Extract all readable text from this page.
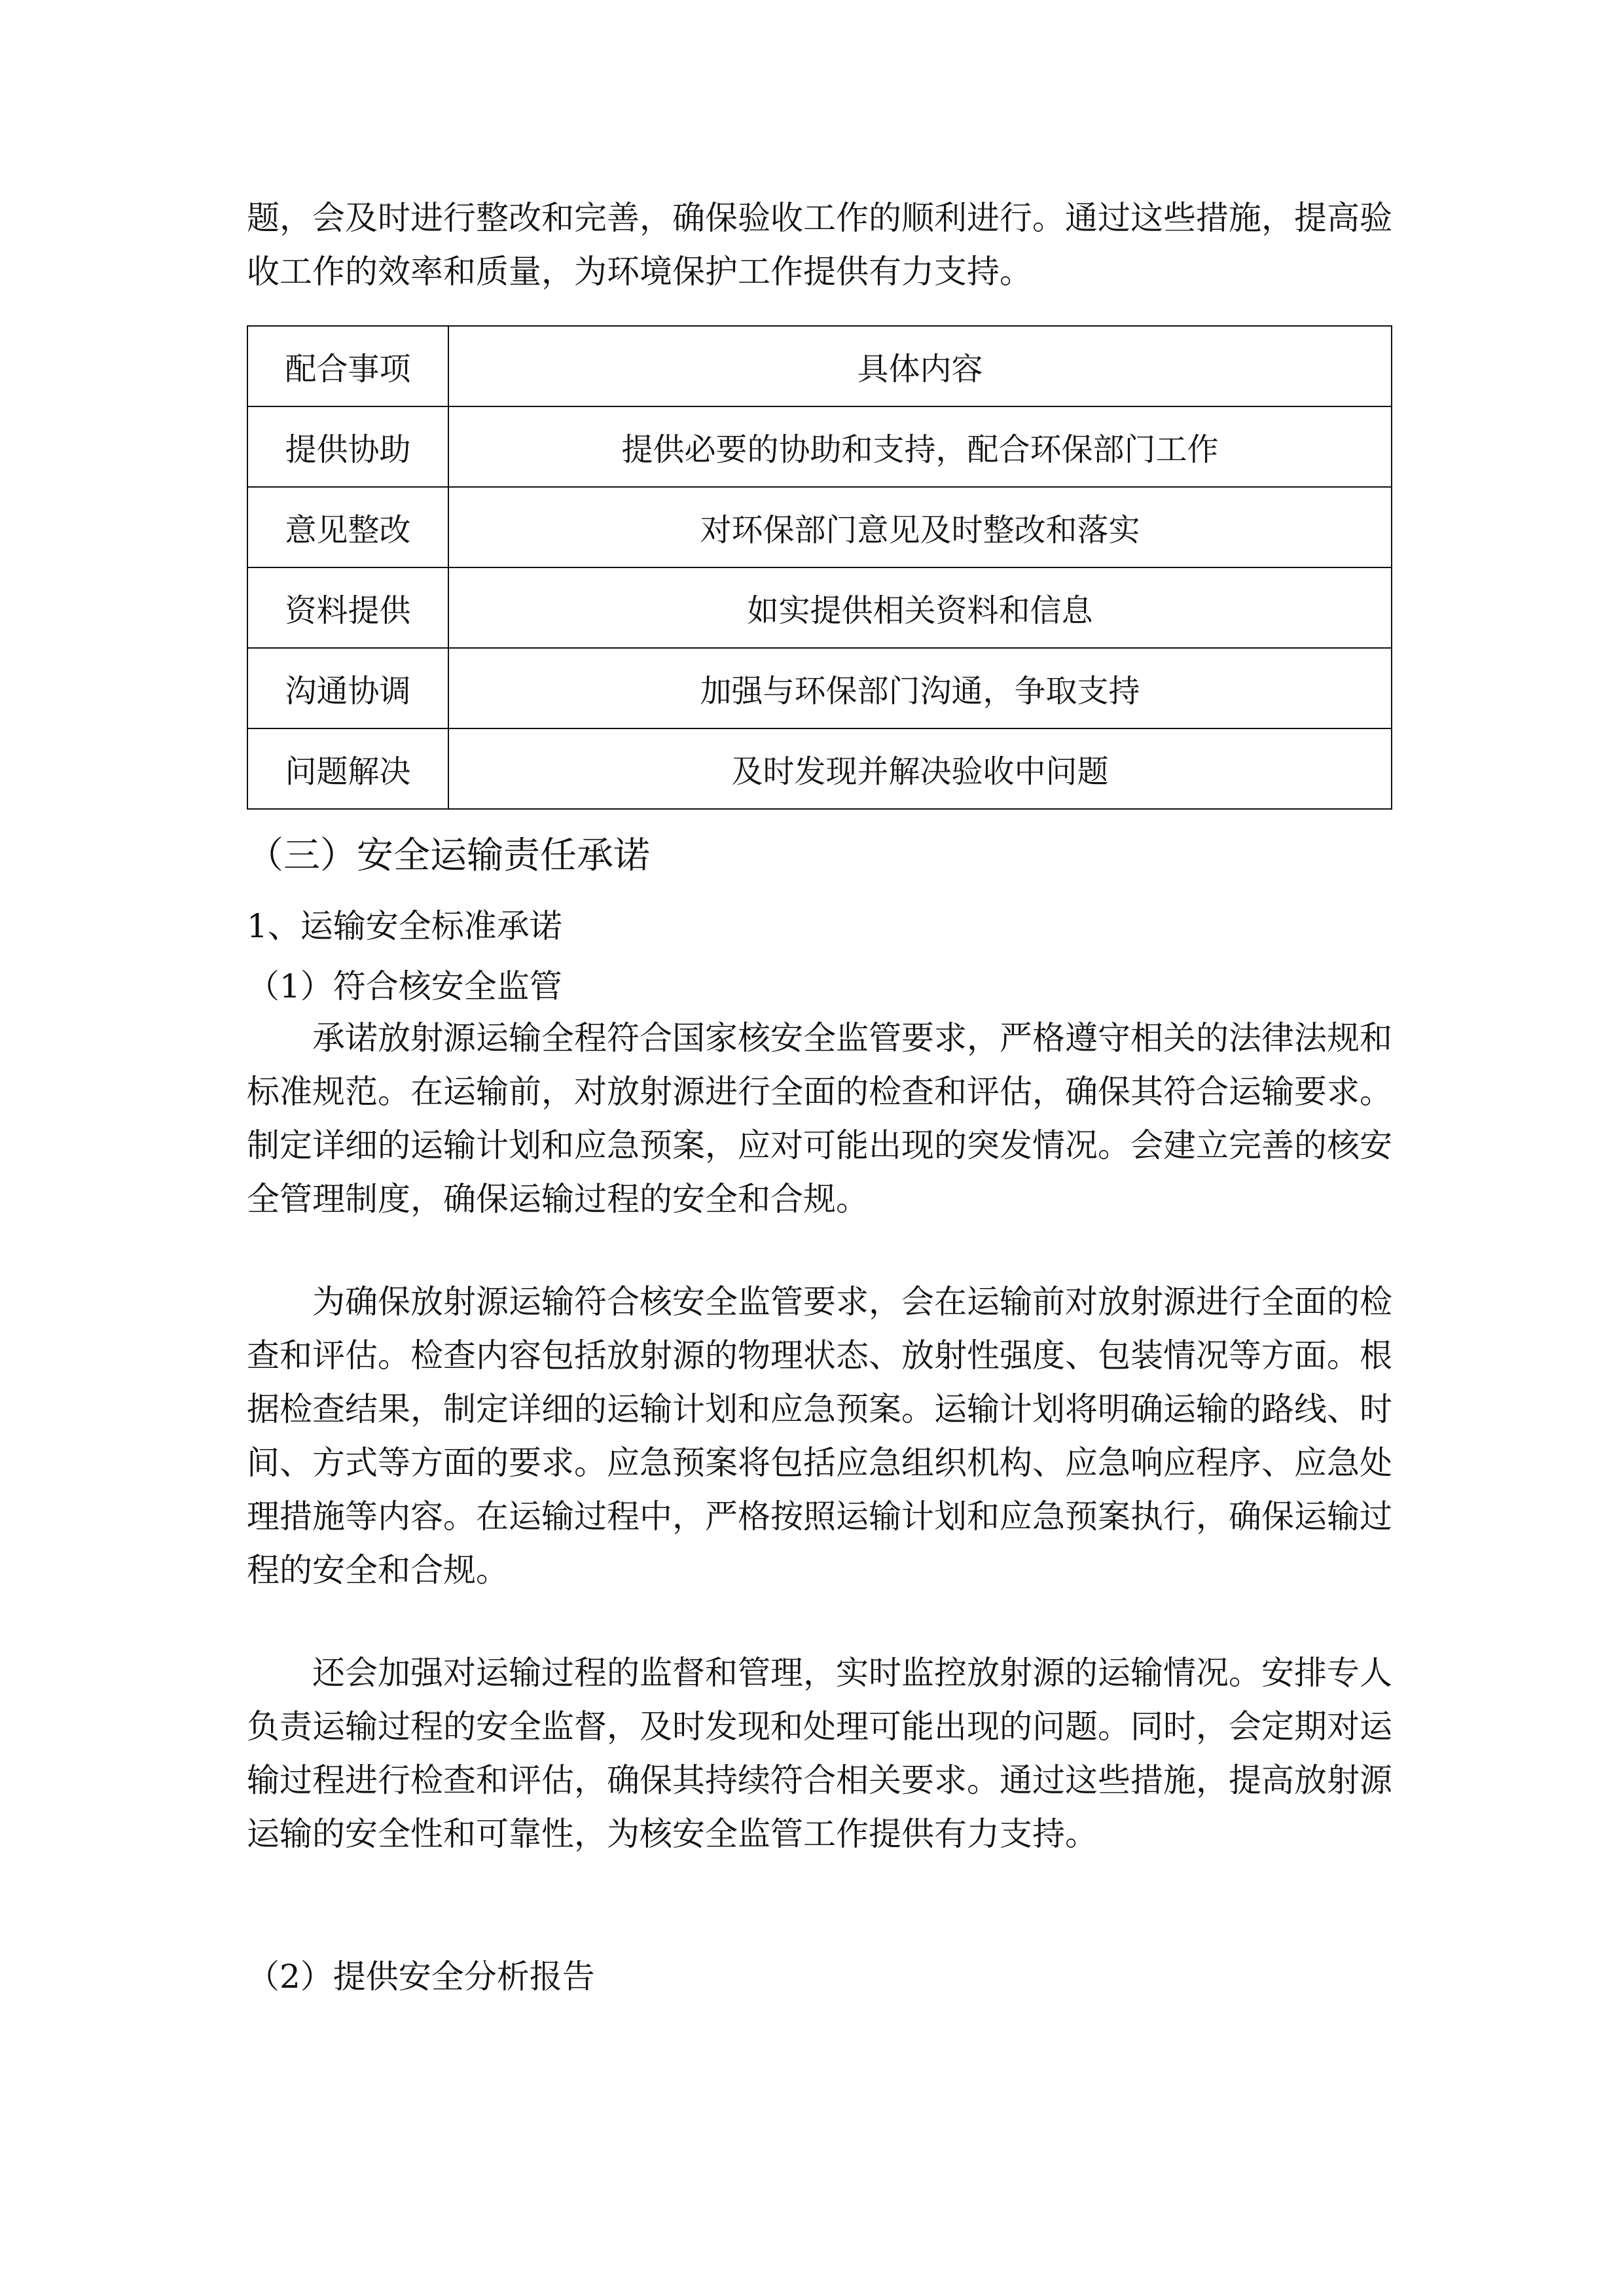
题，会及时进行整改和完善，确保验收工作的顺利进行。通过这些措施，提高验收工作的效率和质量，为环境保护工作提供有力支持。

配合事项	具体内容
提供协助	提供必要的协助和支持，配合环保部门工作
意见整改	对环保部门意见及时整改和落实
资料提供	如实提供相关资料和信息
沟通协调	加强与环保部门沟通，争取支持
问题解决	及时发现并解决验收中问题
（三）安全运输责任承诺
1、运输安全标准承诺
（1）符合核安全监管

承诺放射源运输全程符合国家核安全监管要求，严格遵守相关的法律法规和标准规范。在运输前，对放射源进行全面的检查和评估，确保其符合运输要求。制定详细的运输计划和应急预案，应对可能出现的突发情况。会建立完善的核安全管理制度，确保运输过程的安全和合规。

为确保放射源运输符合核安全监管要求，会在运输前对放射源进行全面的检查和评估。检查内容包括放射源的物理状态、放射性强度、包装情况等方面。根据检查结果，制定详细的运输计划和应急预案。运输计划将明确运输的路线、时间、方式等方面的要求。应急预案将包括应急组织机构、应急响应程序、应急处理措施等内容。在运输过程中，严格按照运输计划和应急预案执行，确保运输过程的安全和合规。

还会加强对运输过程的监督和管理，实时监控放射源的运输情况。安排专人负责运输过程的安全监督，及时发现和处理可能出现的问题。同时，会定期对运输过程进行检查和评估，确保其持续符合相关要求。通过这些措施，提高放射源运输的安全性和可靠性，为核安全监管工作提供有力支持。

（2）提供安全分析报告
